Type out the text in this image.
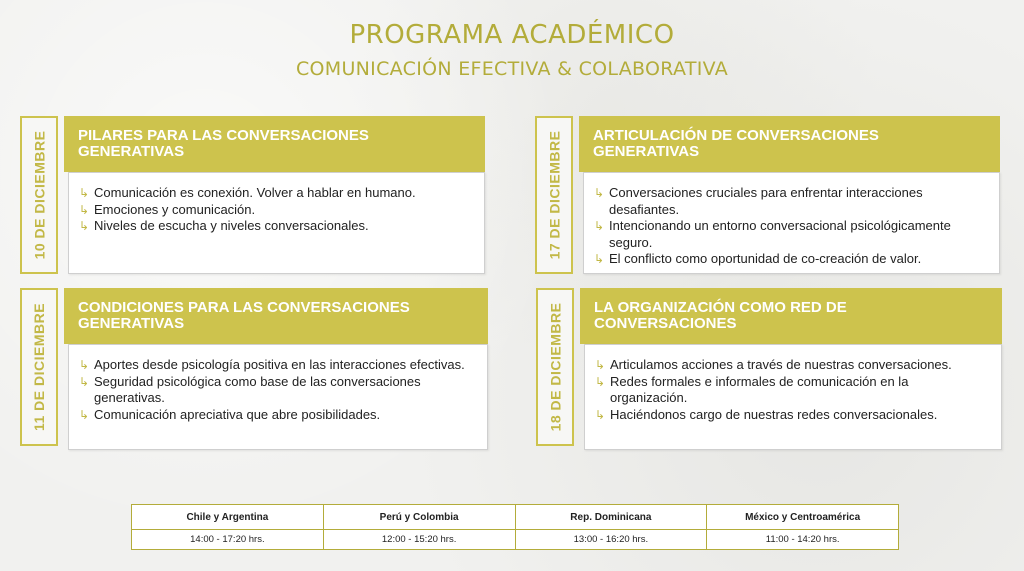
PROGRAMA ACADÉMICO
COMUNICACIÓN EFECTIVA & COLABORATIVA
10 DE DICIEMBRE	PILARES PARA LAS CONVERSACIONES GENERATIVAS
↳ Comunicación es conexión. Volver a hablar en humano.
↳ Emociones y comunicación.
↳ Niveles de escucha y niveles conversacionales.	17 DE DICIEMBRE	ARTICULACIÓN DE CONVERSACIONES GENERATIVAS
↳ Conversaciones cruciales para enfrentar interacciones desafiantes.
↳ Intencionando un entorno conversacional psicológicamente seguro.
↳ El conflicto como oportunidad de co-creación de valor.
11 DE DICIEMBRE	CONDICIONES PARA LAS CONVERSACIONES GENERATIVAS
↳ Aportes desde psicología positiva en las interacciones efectivas.
↳ Seguridad psicológica como base de las conversaciones generativas.
↳ Comunicación apreciativa que abre posibilidades.	18 DE DICIEMBRE	LA ORGANIZACIÓN COMO RED DE CONVERSACIONES
↳ Articulamos acciones a través de nuestras conversaciones.
↳ Redes formales e informales de comunicación en la organización.
↳ Haciéndonos cargo de nuestras redes conversacionales.
Chile y Argentina	Perú y Colombia	Rep. Dominicana	México y Centroamérica
14:00 - 17:20 hrs.	12:00 - 15:20 hrs.	13:00 - 16:20 hrs.	11:00 - 14:20 hrs.
